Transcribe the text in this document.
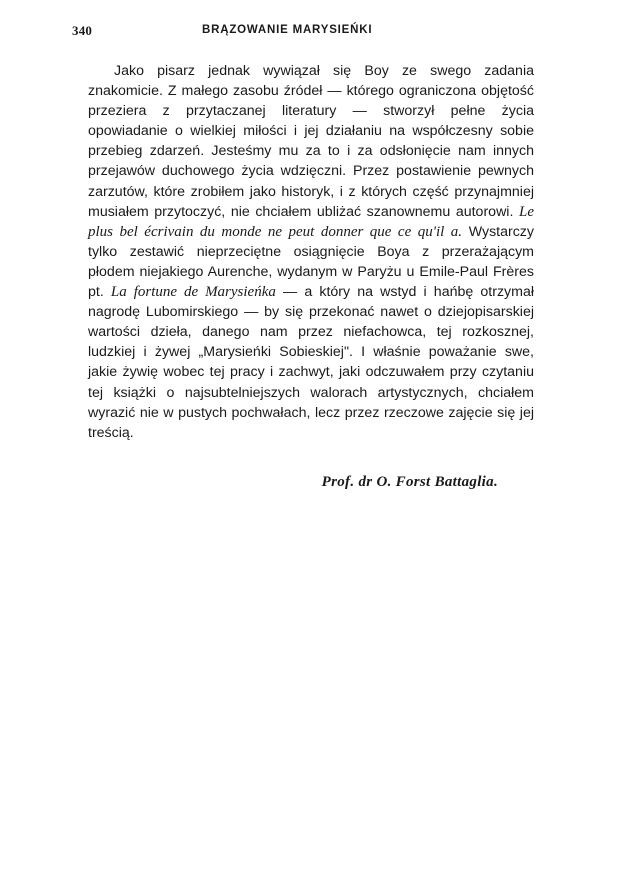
340	BRĄZOWANIE MARYSIEŃKI

Jako pisarz jednak wywiązał się Boy ze swego zadania znakomicie. Z małego zasobu źródeł — którego ograniczona objętość przeziera z przytaczanej literatury — stworzył pełne życia opowiadanie o wielkiej miłości i jej działaniu na współczesny sobie przebieg zdarzeń. Jesteśmy mu za to i za odsłonięcie nam innych przejawów duchowego życia wdzięczni. Przez postawienie pewnych zarzutów, które zrobiłem jako historyk, i z których część przynajmniej musiałem przytoczyć, nie chciałem ubliżać szanownemu autorowi. Le plus bel écrivain du monde ne peut donner que ce qu'il a. Wystarczy tylko zestawić nieprzeciętne osiągnięcie Boya z przerażającym płodem niejakiego Aurenche, wydanym w Paryżu u Emile-Paul Frères pt. La fortune de Marysieńka — a który na wstyd i hańbę otrzymał nagrodę Lubomirskiego — by się przekonać nawet o dziejopisarskiej wartości dzieła, danego nam przez niefachowca, tej rozkosznej, ludzkiej i żywej „Marysieńki Sobieskiej". I właśnie poważanie swe, jakie żywię wobec tej pracy i zachwyt, jaki odczuwałem przy czytaniu tej książki o najsubtelniejszych walorach artystycznych, chciałem wyrazić nie w pustych pochwałach, lecz przez rzeczowe zajęcie się jej treścią.

Prof. dr O. Forst Battaglia.
